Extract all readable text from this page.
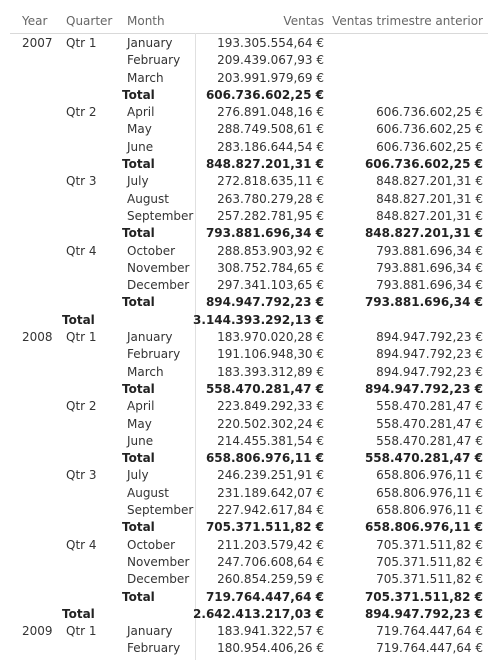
Year Quarter Month	Ventas Ventas trimestre anterior
2007 Qtr 1	January	193.305.554,64 €
February	209.439.067,93 €
March	203.991.979,69 €
Total	606.736.602,25 €
Qtr 2	April	276.891.048,16 €	606.736.602,25 €
May	288.749.508,61 €	606.736.602,25 €
June	283.186.644,54 €	606.736.602,25 €
Total	848.827.201,31 €	606.736.602,25 €
Qtr 3	July	272.818.635,11 €	848.827.201,31 €
August	263.780.279,28 €	848.827.201,31 €
September 257.282.781,95 €	848.827.201,31 €
Total	793.881.696,34 €	848.827.201,31 €
Qtr 4	October	288.853.903,92 €	793.881.696,34 €
November 308.752.784,65 €	793.881.696,34 €
December 297.341.103,65 €	793.881.696,34 €
Total	894.947.792,23 €	793.881.696,34 €
Total	3.144.393.292,13 €
2008 Qtr 1	January	183.970.020,28 €	894.947.792,23 €
February	191.106.948,30 €	894.947.792,23 €
March	183.393.312,89 €	894.947.792,23 €
Total	558.470.281,47 €	894.947.792,23 €
Qtr 2	April	223.849.292,33 €	558.470.281,47 €
May	220.502.302,24 €	558.470.281,47 €
June	214.455.381,54 €	558.470.281,47 €
Total	658.806.976,11 €	558.470.281,47 €
Qtr 3	July	246.239.251,91 €	658.806.976,11 €
August	231.189.642,07 €	658.806.976,11 €
September 227.942.617,84 €	658.806.976,11 €
Total	705.371.511,82 €	658.806.976,11 €
Qtr 4	October	211.203.579,42 €	705.371.511,82 €
November 247.706.608,64 €	705.371.511,82 €
December 260.854.259,59 €	705.371.511,82 €
Total	719.764.447,64 €	705.371.511,82 €
Total	2.642.413.217,03 €	894.947.792,23 €
2009 Qtr 1	January	183.941.322,57 €	719.764.447,64 €
February	180.954.406,26 €	719.764.447,64 €
